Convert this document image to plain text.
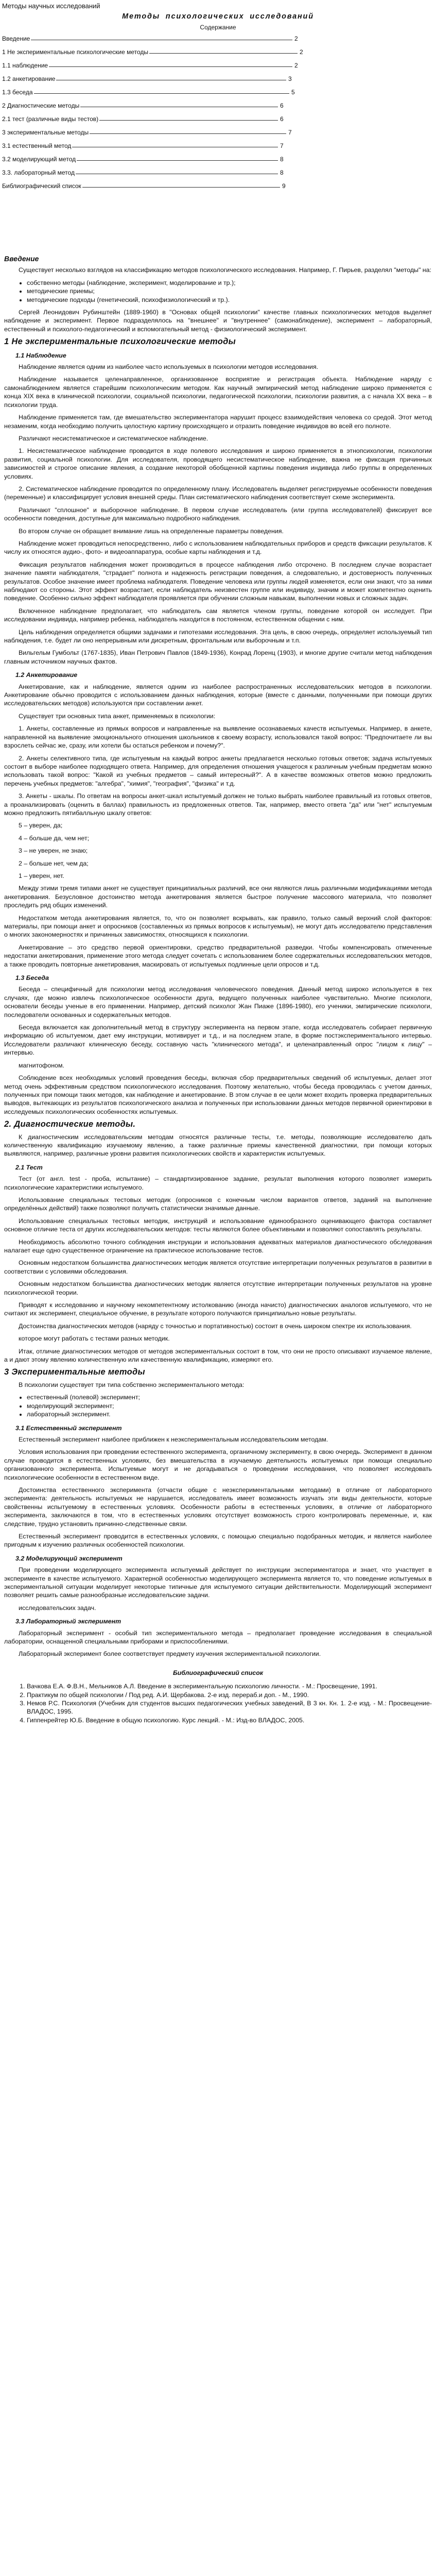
Методы научных исследований
Методы психологических исследований
Содержание
Введение	2
1 Не экспериментальные психологические методы	2
1.1 наблюдение	2
1.2 анкетирование	3
1.3 беседа	5
2 Диагностические методы	6
2.1 тест (различные виды тестов)	6
3 экспериментальные методы	7
3.1 естественный метод	7
3.2 моделирующий метод	8
3.3. лабораторный метод	8
Библиографический список	9
Введение

Существует несколько взглядов на классификацию методов психологического исследования. Например, Г. Пирьев, разделял "методы" на:

• собственно методы (наблюдение, эксперимент, моделирование и тр.);
• методические приемы;
• методические подходы (генетический, психофизиологический и тр.).

Сергей Леонидович Рубинштейн (1889-1960) в "Основах общей психологии" качестве главных психологических методов выделяет наблюдение и эксперимент. Первое подразделялось на "внешнее" и "внутреннее" (самонаблюдение), эксперимент – лабораторный, естественный и психолого-педагогический и вспомогательный метод - физиологический эксперимент.

1 Не экспериментальные психологические методы
1.1 Наблюдение

Наблюдение является одним из наиболее часто используемых в психологии методов исследования.

Наблюдение называется целенаправленное, организованное восприятие и регистрация объекта. Наблюдение наряду с самонаблюдением является старейшим психологическим методом. Как научный эмпирический метод наблюдение широко применяется с конца XIX века в клинической психологии, социальной психологии, педагогической психологии, психологии развития, а с начала XX века – в психологии труда.

Наблюдение применяется там, где вмешательство экспериментатора нарушит процесс взаимодействия человека со средой. Этот метод незаменим, когда необходимо получить целостную картину происходящего и отразить поведение индивидов во всей его полноте.

Различают несистематическое и систематическое наблюдение.

1. Несистематическое наблюдение проводится в ходе полевого исследования и широко применяется в этнопсихологии, психологии развития, социальной психологии. Для исследователя, проводящего несистематическое наблюдение, важна не фиксация причинных зависимостей и строгое описание явления, а создание некоторой обобщенной картины поведения индивида либо группы в определенных условиях.

2. Систематическое наблюдение проводится по определенному плану. Исследователь выделяет регистрируемые особенности поведения (переменные) и классифицирует условия внешней среды. План систематического наблюдения соответствует схеме эксперимента.

Различают "сплошное" и выборочное наблюдение. В первом случае исследователь (или группа исследователей) фиксирует все особенности поведения, доступные для максимально подробного наблюдения.

Во втором случае он обращает внимание лишь на определенные параметры поведения.

Наблюдение может проводиться непосредственно, либо с использованием наблюдательных приборов и средств фиксации результатов. К числу их относятся аудио-, фото- и видеоаппаратура, особые карты наблюдения и т.д.

Фиксация результатов наблюдения может производиться в процессе наблюдения либо отсрочено. В последнем случае возрастает значение памяти наблюдателя, "страдает" полнота и надежность регистрации поведения, а следовательно, и достоверность полученных результатов. Особое значение имеет проблема наблюдателя. Поведение человека или группы людей изменяется, если они знают, что за ними наблюдают со стороны. Этот эффект возрастает, если наблюдатель неизвестен группе или индивиду, значим и может компетентно оценить поведение. Особенно сильно эффект наблюдателя проявляется при обучении сложным навыкам, выполнении новых и сложных задач.

Включенное наблюдение предполагает, что наблюдатель сам является членом группы, поведение которой он исследует. При исследовании индивида, например ребенка, наблюдатель находится в постоянном, естественном общении с ним.

Цель наблюдения определяется общими задачами и гипотезами исследования. Эта цель, в свою очередь, определяет используемый тип наблюдения, т.е. будет ли оно непрерывным или дискретным, фронтальным или выборочным и т.п.

Вильгельм Гумбольт (1767-1835), Иван Петрович Павлов (1849-1936), Конрад Лоренц (1903), и многие другие считали метод наблюдения главным источником научных фактов.

1.2 Анкетирование

Анкетирование, как и наблюдение, является одним из наиболее распространенных исследовательских методов в психологии. Анкетирование обычно проводится с использованием данных наблюдения, которые (вместе с данными, полученными при помощи других исследовательских методов) используются при составлении анкет.

Существует три основных типа анкет, применяемых в психологии:

1. Анкеты, составленные из прямых вопросов и направленные на выявление осознаваемых качеств испытуемых. Например, в анкете, направленной на выявление эмоционального отношения школьников к своему возрасту, использовался такой вопрос: "Предпочитаете ли вы взрослеть сейчас же, сразу, или хотели бы остаться ребенком и почему?".

2. Анкеты селективного типа, где испытуемым на каждый вопрос анкеты предлагается несколько готовых ответов; задача испытуемых состоит в выборе наиболее подходящего ответа. Например, для определения отношения учащегося к различным учебным предметам можно использовать такой вопрос: "Какой из учебных предметов – самый интересный?". А в качестве возможных ответов можно предложить перечень учебных предметов: "алгебра", "химия", "география", "физика" и т.д.

3. Анкеты - шкалы. По ответам на вопросы анкет-шкал испытуемый должен не только выбрать наиболее правильный из готовых ответов, а проанализировать (оценить в баллах) правильность из предложенных ответов. Так, например, вместо ответа "да" или "нет" испытуемым можно предложить пятибалльную шкалу ответов:

5 – уверен, да;

4 – больше да, чем нет;

3 – не уверен, не знаю;

2 – больше нет, чем да;

1 – уверен, нет.

Между этими тремя типами анкет не существует принципиальных различий, все они являются лишь различными модификациями метода анкетирования. Безусловное достоинство метода анкетирования является быстрое получение массового материала, что позволяет проследить ряд общих изменений.

Недостатком метода анкетирования является, то, что он позволяет вскрывать, как правило, только самый верхний слой факторов: материалы, при помощи анкет и опросников (составленных из прямых вопросов к испытуемым), не могут дать исследователю представления о многих закономерностях и причинных зависимостях, относящихся к психологии.

Анкетирование – это средство первой ориентировки, средство предварительной разведки. Чтобы компенсировать отмеченные недостатки анкетирования, применение этого метода следует сочетать с использованием более содержательных исследовательских методов, а также проводить повторные анкетирования, маскировать от испытуемых подлинные цели опросов и т.д.

1.3 Беседа

Беседа – специфичный для психологии метод исследования человеческого поведения. Данный метод широко используется в тех случаях, где можно извлечь психологическое особенности друга, ведущего полученных наиболее чувствительно. Многие психологи, основатели беседы ученые в его применении. Например, детский психолог Жан Пиаже (1896-1980), его ученики, эмпирические психологи, последователи основанных и содержательных методов.

Беседа включается как дополнительный метод в структуру эксперимента на первом этапе, когда исследователь собирает первичную информацию об испытуемом, дает ему инструкции, мотивирует и т.д., и на последнем этапе, в форме постэкспериментального интервью. Исследователи различают клиническую беседу, составную часть "клинического метода", и целенаправленный опрос "лицом к лицу" – интервью.

магнитофоном.

Соблюдение всех необходимых условий проведения беседы, включая сбор предварительных сведений об испытуемых, делает этот метод очень эффективным средством психологического исследования. Поэтому желательно, чтобы беседа проводилась с учетом данных, полученных при помощи таких методов, как наблюдение и анкетирование. В этом случае в ее цели может входить проверка предварительных выводов, вытекающих из результатов психологического анализа и полученных при использовании данных методов первичной ориентировки в исследуемых психологических особенностях испытуемых.

2. Диагностические методы.

К диагностическим исследовательским методам относятся различные тесты, т.е. методы, позволяющие исследователю дать количественную квалификацию изучаемому явлению, а также различные приемы качественной диагностики, при помощи которых выявляются, например, различные уровни развития психологических свойств и характеристик испытуемых.

2.1 Тест

Тест (от англ. test - проба, испытание) – стандартизированное задание, результат выполнения которого позволяет измерить психологические характеристики испытуемого.

Использование специальных тестовых методик (опросников с конечным числом вариантов ответов, заданий на выполнение определённых действий) также позволяют получить статистически значимые данные.

Использование специальных тестовых методик, инструкций и использование единообразного оценивающего фактора составляет основное отличие теста от других исследовательских методов: тесты являются более объективными и позволяют сопоставлять результаты.

Необходимость абсолютно точного соблюдения инструкции и использования адекватных материалов диагностического обследования налагает еще одно существенное ограничение на практическое использование тестов.

Основным недостатком большинства диагностических методик является отсутствие интерпретации полученных результатов в развитии в соответствии с условиями обследования.

Основным недостатком большинства диагностических методик является отсутствие интерпретации полученных результатов на уровне психологической теории.

Приводят к исследованию и научному некомпетентному истолкованию (иногда начисто) диагностических аналогов испытуемого, что не считают их эксперимент, специальное обучение, в результате которого получаются принципиально новые результаты.

Достоинства диагностических методов (наряду с точностью и портативностью) состоит в очень широком спектре их использования.

которое могут работать с тестами разных методик.

Итак, отличие диагностических методов от методов экспериментальных состоит в том, что они не просто описывают изучаемое явление, а и дают этому явлению количественную или качественную квалификацию, измеряют его.

3 Экспериментальные методы

В психологии существует три типа собственно экспериментального метода:

• естественный (полевой) эксперимент;
• моделирующий эксперимент;
• лабораторный эксперимент.
3.1 Естественный эксперимент

Естественный эксперимент наиболее приближен к неэкспериментальным исследовательским методам.

Условия использования при проведении естественного эксперимента, органичному эксперименту, в свою очередь. Эксперимент в данном случае проводится в естественных условиях, без вмешательства в изучаемую деятельность испытуемых при помощи специально организованного эксперимента. Испытуемые могут и не догадываться о проведении исследования, что позволяет исследовать психологические особенности в естественном виде.

Достоинства естественного эксперимента (отчасти общие с неэкспериментальными методами) в отличие от лабораторного эксперимента: деятельность испытуемых не нарушается, исследователь имеет возможность изучать эти виды деятельности, которые свойственны испытуемому в естественных условиях. Особенности работы в естественных условиях, в отличие от лабораторного эксперимента, заключаются в том, что в естественных условиях отсутствует возможность строго контролировать переменные, и, как следствие, трудно установить причинно-следственные связи.

Естественный эксперимент проводится в естественных условиях, с помощью специально подобранных методик, и является наиболее пригодным к изучению различных особенностей психологии.

3.2 Моделирующий эксперимент

При проведении моделирующего эксперимента испытуемый действует по инструкции экспериментатора и знает, что участвует в эксперименте в качестве испытуемого. Характерной особенностью моделирующего эксперимента является то, что поведение испытуемых в экспериментальной ситуации моделирует некоторые типичные для испытуемого ситуации действительности. Моделирующий эксперимент позволяет решить самые разнообразные исследовательские задачи.

исследовательских задач.

3.3 Лабораторный эксперимент

Лабораторный эксперимент - особый тип экспериментального метода – предполагает проведение исследования в специальной лаборатории, оснащенной специальными приборами и приспособлениями.

Лабораторный эксперимент более соответствует предмету изучения экспериментальной психологии.

Библиографический список
1. Вачкова Е.А. Ф.В.Н., Мельников А.Л. Введение в экспериментальную психологию личности. - М.: Просвещение, 1991.
2. Практикум по общей психологии / Под ред. А.И. Щербакова. 2-е изд. перераб.и доп. - М., 1990.
3. Немов Р.С. Психология (Учебник для студентов высших педагогических учебных заведений, В 3 кн. Кн. 1. 2-е изд. - М.: Просвещение-ВЛАДОС, 1995.
4. Гиппенрейтер Ю.Б. Введение в общую психологию. Курс лекций. - М.: Изд-во ВЛАДОС, 2005.
